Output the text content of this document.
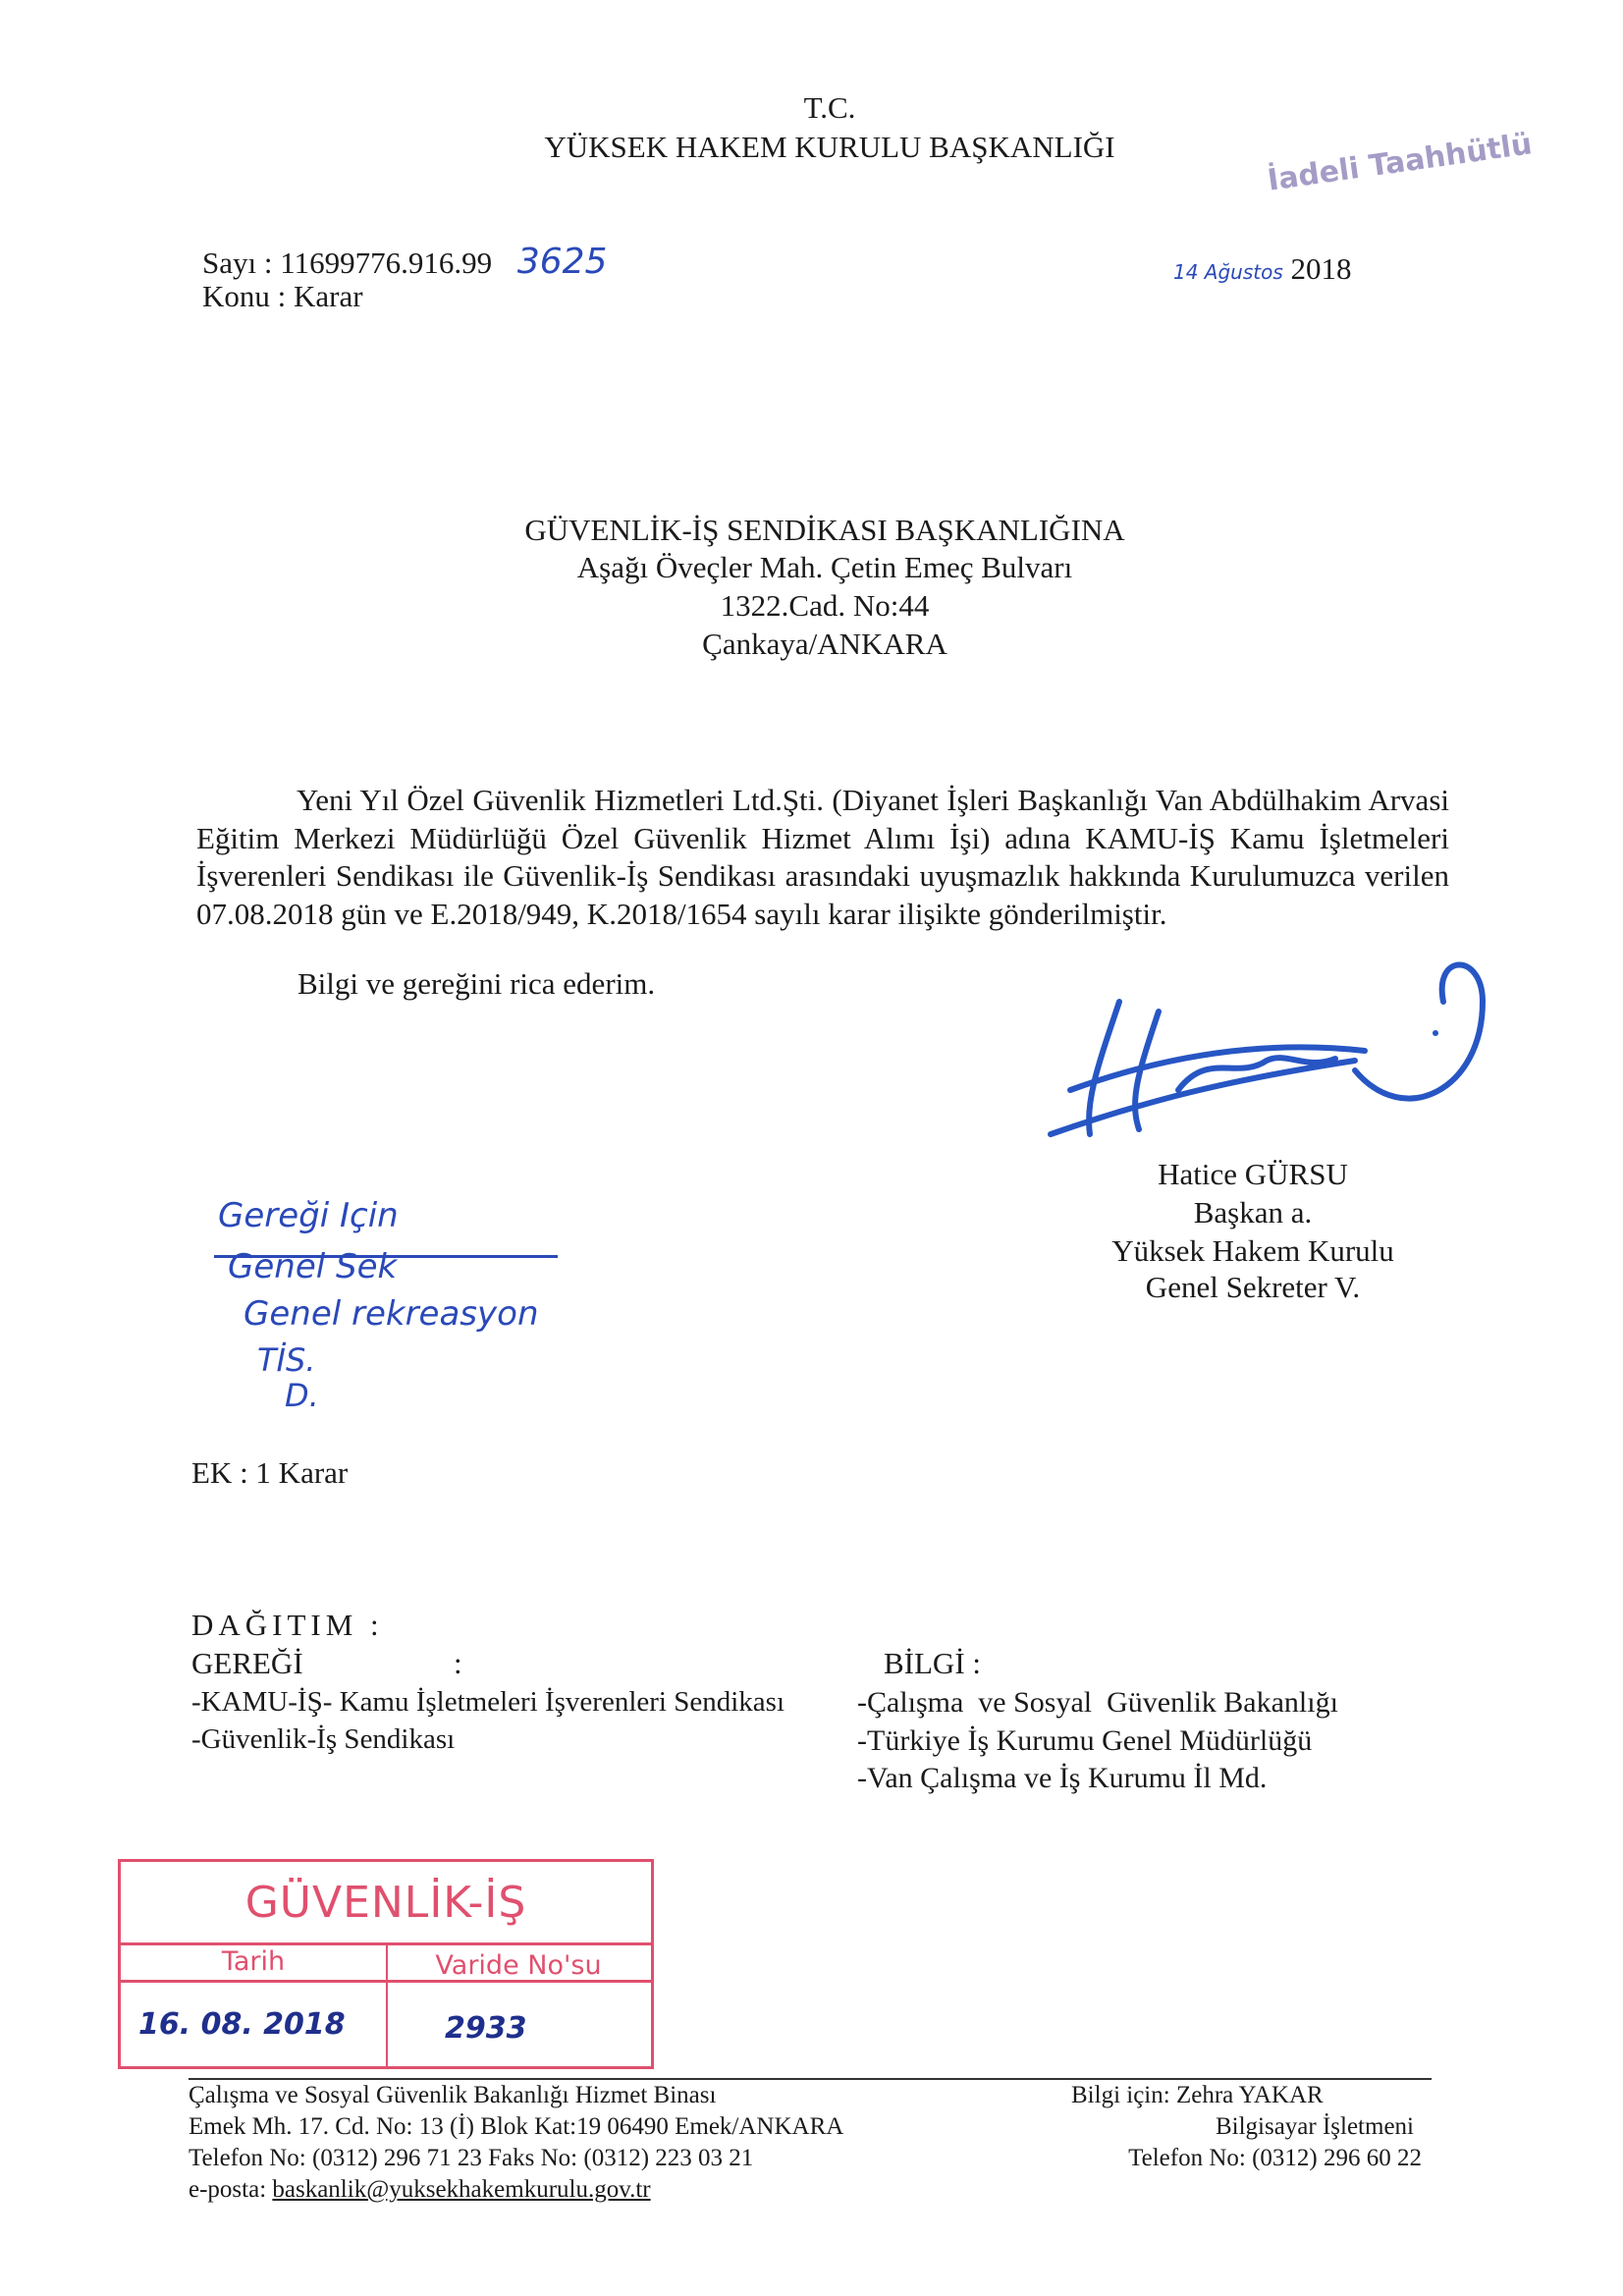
T.C.
YÜKSEK HAKEM KURULU BAŞKANLIĞI	İadeli Taahhütlü
Sayı : 11699776.916.99 3625
Konu : Karar
14 Ağustos 2018
GÜVENLİK-İŞ SENDİKASI BAŞKANLIĞINA
Aşağı Öveçler Mah. Çetin Emeç Bulvarı
1322.Cad. No:44
Çankaya/ANKARA
Yeni Yıl Özel Güvenlik Hizmetleri Ltd.Şti. (Diyanet İşleri Başkanlığı Van Abdülhakim Arvasi Eğitim Merkezi Müdürlüğü Özel Güvenlik Hizmet Alımı İşi) adına KAMU-İŞ Kamu İşletmeleri İşverenleri Sendikası ile Güvenlik-İş Sendikası arasındaki uyuşmazlık hakkında Kurulumuzca verilen 07.08.2018 gün ve E.2018/949, K.2018/1654 sayılı karar ilişikte gönderilmiştir.
Bilgi ve gereğini rica ederim.
Hatice GÜRSU
Başkan a.
Yüksek Hakem Kurulu
Genel Sekreter V.
Gereği Için
Genel Sek
Genel rekreasyon
TİS.
D.
EK : 1 Karar
DAĞITIM :
GEREĞİ	:
-KAMU-İŞ- Kamu İşletmeleri İşverenleri Sendikası
-Güvenlik-İş Sendikası
BİLGİ :
-Çalışma  ve Sosyal  Güvenlik Bakanlığı
-Türkiye İş Kurumu Genel Müdürlüğü
-Van Çalışma ve İş Kurumu İl Md.
GÜVENLİK-İŞ
Tarih	Varide No'su
16. 08. 2018	2933
Çalışma ve Sosyal Güvenlik Bakanlığı Hizmet Binası
Emek Mh. 17. Cd. No: 13 (İ) Blok Kat:19 06490 Emek/ANKARA
Telefon No: (0312) 296 71 23 Faks No: (0312) 223 03 21
e-posta: baskanlik@yuksekhakemkurulu.gov.tr
Bilgi için: Zehra YAKAR
Bilgisayar İşletmeni
Telefon No: (0312) 296 60 22
